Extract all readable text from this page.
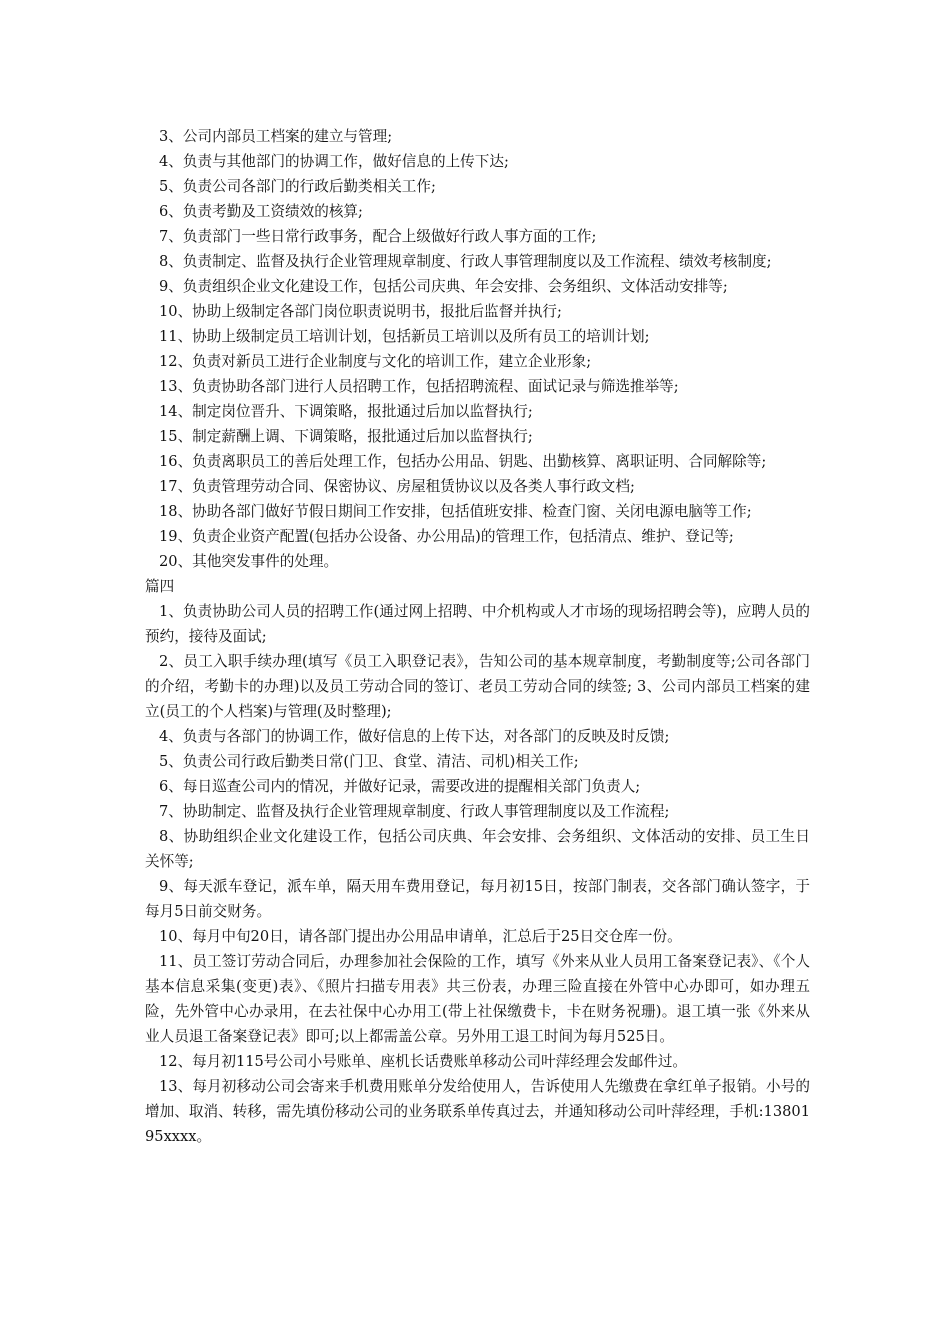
3、公司内部员工档案的建立与管理;

4、负责与其他部门的协调工作，做好信息的上传下达;

5、负责公司各部门的行政后勤类相关工作;

6、负责考勤及工资绩效的核算;

7、负责部门一些日常行政事务，配合上级做好行政人事方面的工作;

8、负责制定、监督及执行企业管理规章制度、行政人事管理制度以及工作流程、绩效考核制度;

9、负责组织企业文化建设工作，包括公司庆典、年会安排、会务组织、文体活动安排等;

10、协助上级制定各部门岗位职责说明书，报批后监督并执行;

11、协助上级制定员工培训计划，包括新员工培训以及所有员工的培训计划;

12、负责对新员工进行企业制度与文化的培训工作，建立企业形象;

13、负责协助各部门进行人员招聘工作，包括招聘流程、面试记录与筛选推举等;

14、制定岗位晋升、下调策略，报批通过后加以监督执行;

15、制定薪酬上调、下调策略，报批通过后加以监督执行;

16、负责离职员工的善后处理工作，包括办公用品、钥匙、出勤核算、离职证明、合同解除等;

17、负责管理劳动合同、保密协议、房屋租赁协议以及各类人事行政文档;

18、协助各部门做好节假日期间工作安排，包括值班安排、检查门窗、关闭电源电脑等工作;

19、负责企业资产配置(包括办公设备、办公用品)的管理工作，包括清点、维护、登记等;

20、其他突发事件的处理。

篇四

1、负责协助公司人员的招聘工作(通过网上招聘、中介机构或人才市场的现场招聘会等)，应聘人员的预约，接待及面试;

2、员工入职手续办理(填写《员工入职登记表》，告知公司的基本规章制度，考勤制度等;公司各部门的介绍，考勤卡的办理)以及员工劳动合同的签订、老员工劳动合同的续签; 3、公司内部员工档案的建立(员工的个人档案)与管理(及时整理);

4、负责与各部门的协调工作，做好信息的上传下达，对各部门的反映及时反馈;

5、负责公司行政后勤类日常(门卫、食堂、清洁、司机)相关工作;

6、每日巡查公司内的情况，并做好记录，需要改进的提醒相关部门负责人;

7、协助制定、监督及执行企业管理规章制度、行政人事管理制度以及工作流程;

8、协助组织企业文化建设工作，包括公司庆典、年会安排、会务组织、文体活动的安排、员工生日关怀等;

9、每天派车登记，派车单，隔天用车费用登记，每月初15日，按部门制表，交各部门确认签字，于每月5日前交财务。

10、每月中旬20日，请各部门提出办公用品申请单，汇总后于25日交仓库一份。

11、员工签订劳动合同后，办理参加社会保险的工作，填写《外来从业人员用工备案登记表》、《个人基本信息采集(变更)表》、《照片扫描专用表》共三份表，办理三险直接在外管中心办即可，如办理五险，先外管中心办录用，在去社保中心办用工(带上社保缴费卡，卡在财务祝珊)。退工填一张《外来从业人员退工备案登记表》即可;以上都需盖公章。另外用工退工时间为每月525日。

12、每月初115号公司小号账单、座机长话费账单移动公司叶萍经理会发邮件过。

13、每月初移动公司会寄来手机费用账单分发给使用人，告诉使用人先缴费在拿红单子报销。小号的增加、取消、转移，需先填份移动公司的业务联系单传真过去，并通知移动公司叶萍经理，手机:1380195xxxx。
